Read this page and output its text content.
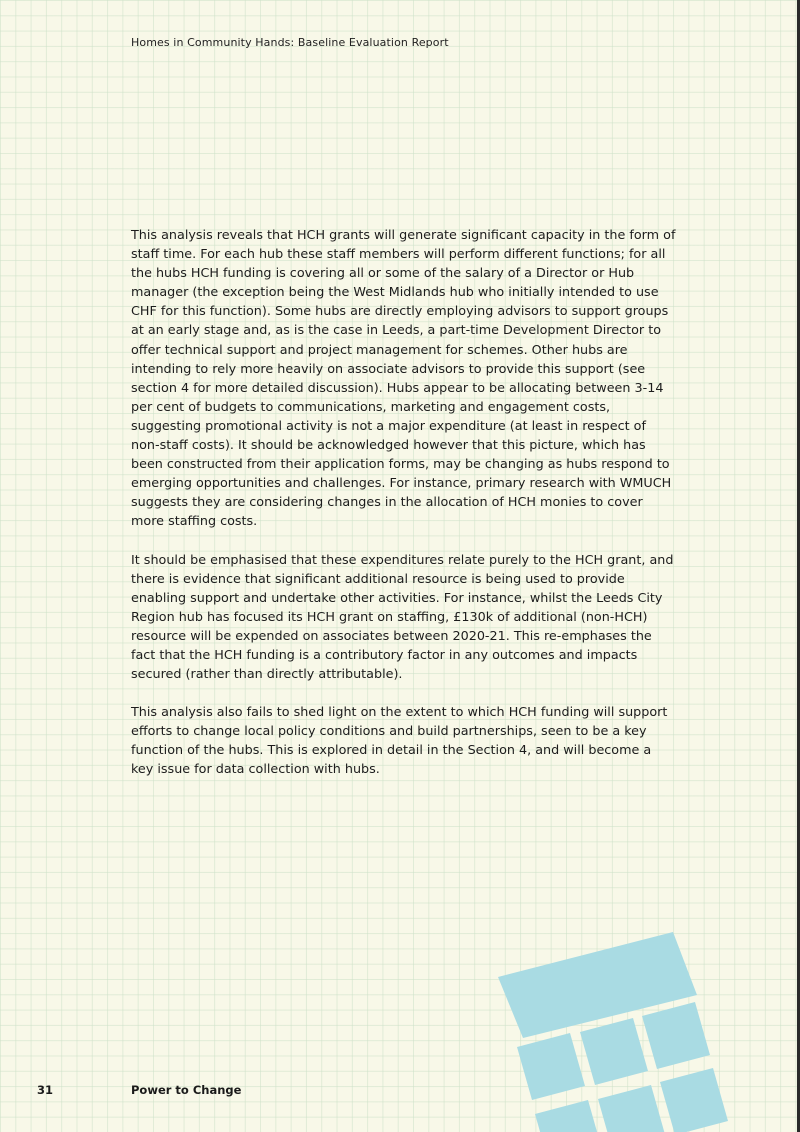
Homes in Community Hands: Baseline Evaluation Report

This analysis reveals that HCH grants will generate significant capacity in the form of staff time. For each hub these staff members will perform different functions; for all the hubs HCH funding is covering all or some of the salary of a Director or Hub manager (the exception being the West Midlands hub who initially intended to use CHF for this function). Some hubs are directly employing advisors to support groups at an early stage and, as is the case in Leeds, a part-time Development Director to offer technical support and project management for schemes. Other hubs are intending to rely more heavily on associate advisors to provide this support (see section 4 for more detailed discussion). Hubs appear to be allocating between 3-14 per cent of budgets to communications, marketing and engagement costs, suggesting promotional activity is not a major expenditure (at least in respect of non-staff costs). It should be acknowledged however that this picture, which has been constructed from their application forms, may be changing as hubs respond to emerging opportunities and challenges. For instance, primary research with WMUCH suggests they are considering changes in the allocation of HCH monies to cover more staffing costs.

It should be emphasised that these expenditures relate purely to the HCH grant, and there is evidence that significant additional resource is being used to provide enabling support and undertake other activities. For instance, whilst the Leeds City Region hub has focused its HCH grant on staffing, £130k of additional (non-HCH) resource will be expended on associates between 2020-21. This re-emphases the fact that the HCH funding is a contributory factor in any outcomes and impacts secured (rather than directly attributable).

This analysis also fails to shed light on the extent to which HCH funding will support efforts to change local policy conditions and build partnerships, seen to be a key function of the hubs. This is explored in detail in the Section 4, and will become a key issue for data collection with hubs.

31	Power to Change
